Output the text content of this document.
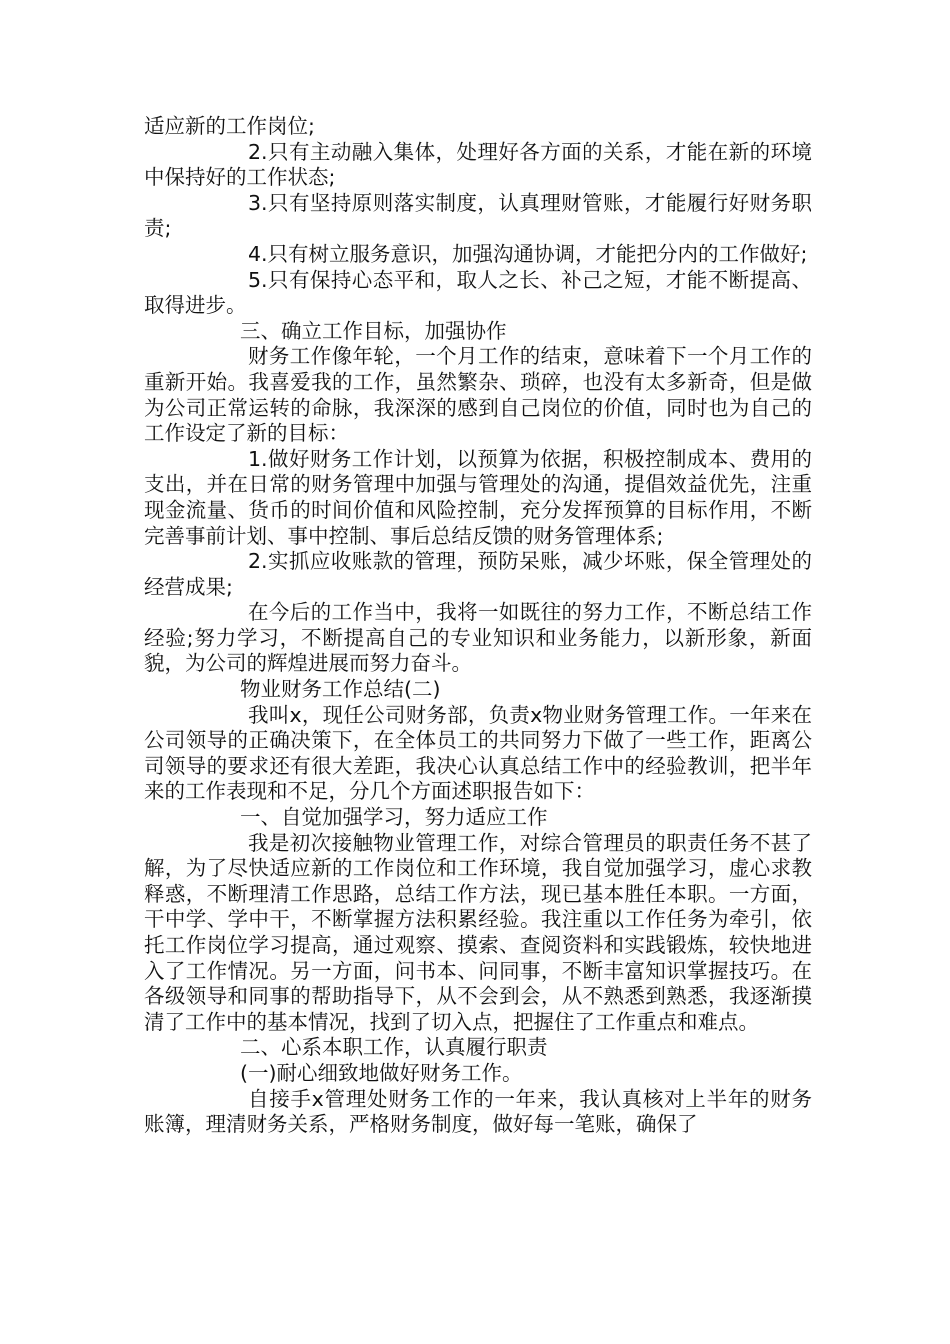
适应新的工作岗位;

2.只有主动融入集体，处理好各方面的关系，才能在新的环境中保持好的工作状态;

3.只有坚持原则落实制度，认真理财管账，才能履行好财务职责;

4.只有树立服务意识，加强沟通协调，才能把分内的工作做好;

5.只有保持心态平和，取人之长、补己之短，才能不断提高、取得进步。

三、确立工作目标，加强协作

财务工作像年轮，一个月工作的结束，意味着下一个月工作的重新开始。我喜爱我的工作，虽然繁杂、琐碎，也没有太多新奇，但是做为公司正常运转的命脉，我深深的感到自己岗位的价值，同时也为自己的工作设定了新的目标：

1.做好财务工作计划，以预算为依据，积极控制成本、费用的支出，并在日常的财务管理中加强与管理处的沟通，提倡效益优先，注重现金流量、货币的时间价值和风险控制，充分发挥预算的目标作用，不断完善事前计划、事中控制、事后总结反馈的财务管理体系;

2.实抓应收账款的管理，预防呆账，减少坏账，保全管理处的经营成果;

在今后的工作当中，我将一如既往的努力工作，不断总结工作经验;努力学习，不断提高自己的专业知识和业务能力，以新形象，新面貌，为公司的辉煌进展而努力奋斗。

物业财务工作总结(二)

我叫x，现任公司财务部，负责x物业财务管理工作。一年来在公司领导的正确决策下，在全体员工的共同努力下做了一些工作，距离公司领导的要求还有很大差距，我决心认真总结工作中的经验教训，把半年来的工作表现和不足，分几个方面述职报告如下：

一、自觉加强学习，努力适应工作

我是初次接触物业管理工作，对综合管理员的职责任务不甚了解，为了尽快适应新的工作岗位和工作环境，我自觉加强学习，虚心求教释惑，不断理清工作思路，总结工作方法，现已基本胜任本职。一方面，干中学、学中干，不断掌握方法积累经验。我注重以工作任务为牵引，依托工作岗位学习提高，通过观察、摸索、查阅资料和实践锻炼，较快地进入了工作情况。另一方面，问书本、问同事，不断丰富知识掌握技巧。在各级领导和同事的帮助指导下，从不会到会，从不熟悉到熟悉，我逐渐摸清了工作中的基本情况，找到了切入点，把握住了工作重点和难点。

二、心系本职工作，认真履行职责

(一)耐心细致地做好财务工作。

自接手x管理处财务工作的一年来，我认真核对上半年的财务账簿，理清财务关系，严格财务制度，做好每一笔账，确保了
